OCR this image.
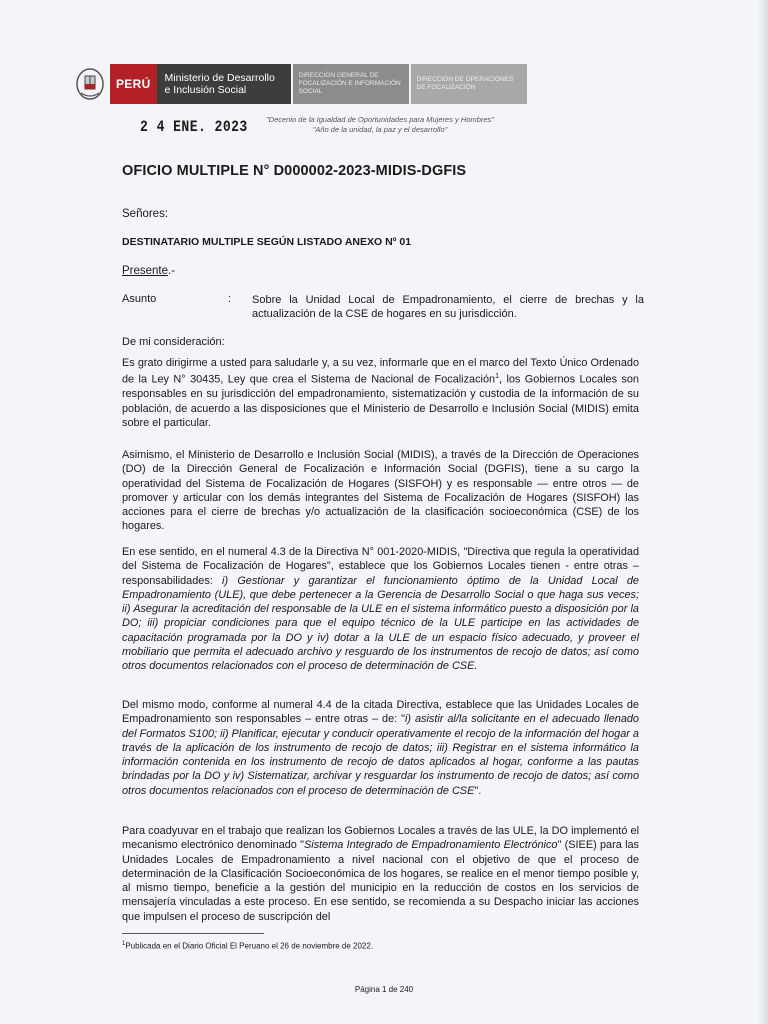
PERÚ	Ministerio de Desarrollo e Inclusión Social
DIRECCIÓN GENERAL DE FOCALIZACIÓN E INFORMACIÓN SOCIAL
DIRECCIÓN DE OPERACIONES DE FOCALIZACIÓN
2 4 ENE. 2023	"Decenio de la Igualdad de Oportunidades para Mujeres y Hombres"
"Año de la unidad, la paz y el desarrollo"
OFICIO MULTIPLE N° D000002-2023-MIDIS-DGFIS
Señores:
DESTINATARIO MULTIPLE SEGÚN LISTADO ANEXO Nº 01
Presente.-
Asunto	: Sobre la Unidad Local de Empadronamiento, el cierre de brechas y la actualización de la CSE de hogares en su jurisdicción.
De mi consideración:
Es grato dirigirme a usted para saludarle y, a su vez, informarle que en el marco del Texto Único Ordenado de la Ley N° 30435, Ley que crea el Sistema de Nacional de Focalización$^1$, los Gobiernos Locales son responsables en su jurisdicción del empadronamiento, sistematización y custodia de la información de su población, de acuerdo a las disposiciones que el Ministerio de Desarrollo e Inclusión Social (MIDIS) emita sobre el particular.
Asimismo, el Ministerio de Desarrollo e Inclusión Social (MIDIS), a través de la Dirección de Operaciones (DO) de la Dirección General de Focalización e Información Social (DGFIS), tiene a su cargo la operatividad del Sistema de Focalización de Hogares (SISFOH) y es responsable — entre otros — de promover y articular con los demás integrantes del Sistema de Focalización de Hogares (SISFOH) las acciones para el cierre de brechas y/o actualización de la clasificación socioeconómica (CSE) de los hogares.
En ese sentido, en el numeral 4.3 de la Directiva N° 001-2020-MIDIS, "Directiva que regula la operatividad del Sistema de Focalización de Hogares", establece que los Gobiernos Locales tienen - entre otras –responsabilidades: i) Gestionar y garantizar el funcionamiento óptimo de la Unidad Local de Empadronamiento (ULE), que debe pertenecer a la Gerencia de Desarrollo Social o que haga sus veces; ii) Asegurar la acreditación del responsable de la ULE en el sistema informático puesto a disposición por la DO; iii) propiciar condiciones para que el equipo técnico de la ULE participe en las actividades de capacitación programada por la DO y iv) dotar a la ULE de un espacio físico adecuado, y proveer el mobiliario que permita el adecuado archivo y resguardo de los instrumentos de recojo de datos; así como otros documentos relacionados con el proceso de determinación de CSE.
Del mismo modo, conforme al numeral 4.4 de la citada Directiva, establece que las Unidades Locales de Empadronamiento son responsables – entre otras – de: "i) asistir al/la solicitante en el adecuado llenado del Formatos S100; ii) Planificar, ejecutar y conducir operativamente el recojo de la información del hogar a través de la aplicación de los instrumento de recojo de datos; iii) Registrar en el sistema informático la información contenida en los instrumento de recojo de datos aplicados al hogar, conforme a las pautas brindadas por la DO y iv) Sistematizar, archivar y resguardar los instrumento de recojo de datos; así como otros documentos relacionados con el proceso de determinación de CSE".
Para coadyuvar en el trabajo que realizan los Gobiernos Locales a través de las ULE, la DO implementó el mecanismo electrónico denominado "Sistema Integrado de Empadronamiento Electrónico" (SIEE) para las Unidades Locales de Empadronamiento a nivel nacional con el objetivo de que el proceso de determinación de la Clasificación Socioeconómica de los hogares, se realice en el menor tiempo posible y, al mismo tiempo, beneficie a la gestión del municipio en la reducción de costos en los servicios de mensajería vinculadas a este proceso. En ese sentido, se recomienda a su Despacho iniciar las acciones que impulsen el proceso de suscripción del
$^1$Publicada en el Diario Oficial El Peruano el 26 de noviembre de 2022.
Página 1 de 240
